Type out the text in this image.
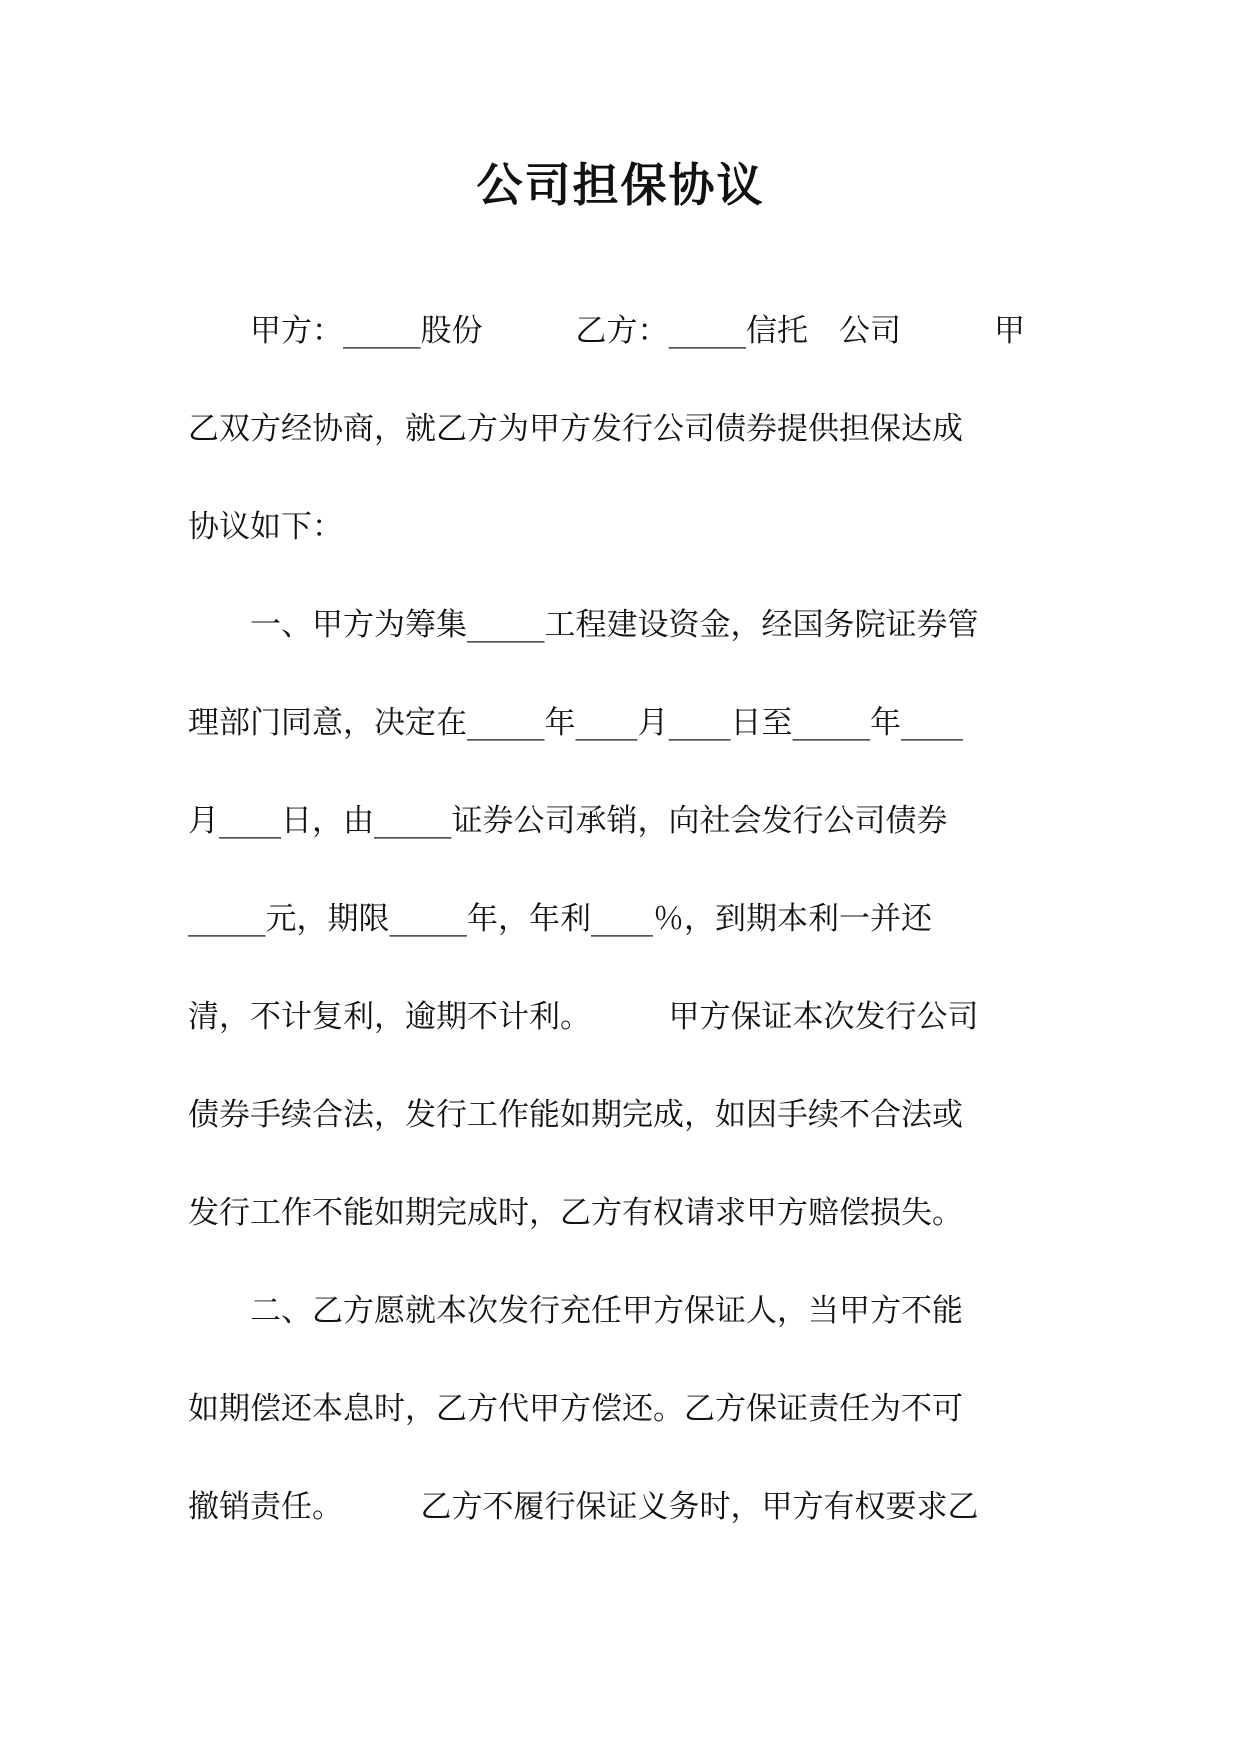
公司担保协议
　　甲方：_____股份　　　乙方：_____信托　公司　　　甲
乙双方经协商，就乙方为甲方发行公司债券提供担保达成
协议如下：
　　一、甲方为筹集_____工程建设资金，经国务院证券管
理部门同意，决定在_____年____月____日至_____年____
月____日，由_____证券公司承销，向社会发行公司债券
_____元，期限_____年，年利____％，到期本利一并还
清，不计复利，逾期不计利。　　　甲方保证本次发行公司
债券手续合法，发行工作能如期完成，如因手续不合法或
发行工作不能如期完成时，乙方有权请求甲方赔偿损失。
　　二、乙方愿就本次发行充任甲方保证人，当甲方不能
如期偿还本息时，乙方代甲方偿还。乙方保证责任为不可
撤销责任。　　　乙方不履行保证义务时，甲方有权要求乙
